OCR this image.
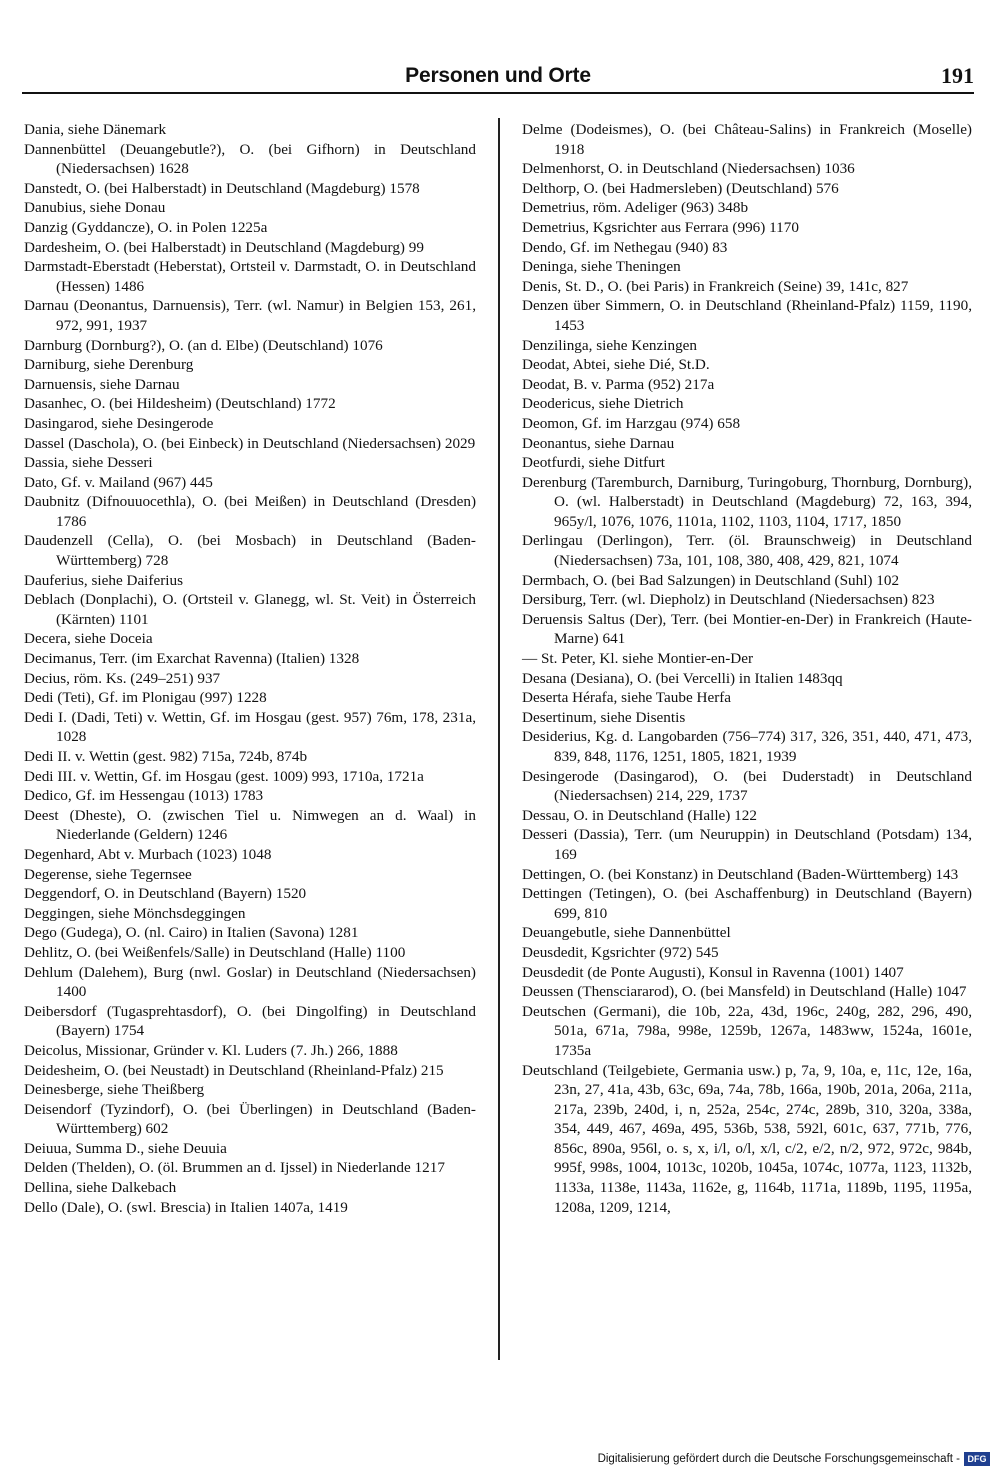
Personen und Orte	191

Dania, siehe Dänemark

Dannenbüttel (Deuangebutle?), O. (bei Gifhorn) in Deutschland (Niedersachsen) 1628

Danstedt, O. (bei Halberstadt) in Deutschland (Magdeburg) 1578

Danubius, siehe Donau

Danzig (Gyddancze), O. in Polen 1225a

Dardesheim, O. (bei Halberstadt) in Deutschland (Magdeburg) 99

Darmstadt-Eberstadt (Heberstat), Ortsteil v. Darmstadt, O. in Deutschland (Hessen) 1486

Darnau (Deonantus, Darnuensis), Terr. (wl. Namur) in Belgien 153, 261, 972, 991, 1937

Darnburg (Dornburg?), O. (an d. Elbe) (Deutschland) 1076

Darniburg, siehe Derenburg

Darnuensis, siehe Darnau

Dasanhec, O. (bei Hildesheim) (Deutschland) 1772

Dasingarod, siehe Desingerode

Dassel (Daschola), O. (bei Einbeck) in Deutschland (Niedersachsen) 2029

Dassia, siehe Desseri

Dato, Gf. v. Mailand (967) 445

Daubnitz (Difnouuocethla), O. (bei Meißen) in Deutschland (Dresden) 1786

Daudenzell (Cella), O. (bei Mosbach) in Deutschland (Baden-Württemberg) 728

Dauferius, siehe Daiferius

Deblach (Donplachi), O. (Ortsteil v. Glanegg, wl. St. Veit) in Österreich (Kärnten) 1101

Decera, siehe Doceia

Decimanus, Terr. (im Exarchat Ravenna) (Italien) 1328

Decius, röm. Ks. (249–251) 937

Dedi (Teti), Gf. im Plonigau (997) 1228

Dedi I. (Dadi, Teti) v. Wettin, Gf. im Hosgau (gest. 957) 76m, 178, 231a, 1028

Dedi II. v. Wettin (gest. 982) 715a, 724b, 874b

Dedi III. v. Wettin, Gf. im Hosgau (gest. 1009) 993, 1710a, 1721a

Dedico, Gf. im Hessengau (1013) 1783

Deest (Dheste), O. (zwischen Tiel u. Nimwegen an d. Waal) in Niederlande (Geldern) 1246

Degenhard, Abt v. Murbach (1023) 1048

Degerense, siehe Tegernsee

Deggendorf, O. in Deutschland (Bayern) 1520

Deggingen, siehe Mönchsdeggingen

Dego (Gudega), O. (nl. Cairo) in Italien (Savona) 1281

Dehlitz, O. (bei Weißenfels/Salle) in Deutschland (Halle) 1100

Dehlum (Dalehem), Burg (nwl. Goslar) in Deutschland (Niedersachsen) 1400

Deibersdorf (Tugasprehtasdorf), O. (bei Dingolfing) in Deutschland (Bayern) 1754

Deicolus, Missionar, Gründer v. Kl. Luders (7. Jh.) 266, 1888

Deidesheim, O. (bei Neustadt) in Deutschland (Rheinland-Pfalz) 215

Deinesberge, siehe Theißberg

Deisendorf (Tyzindorf), O. (bei Überlingen) in Deutschland (Baden-Württemberg) 602

Deiuua, Summa D., siehe Deuuia

Delden (Thelden), O. (öl. Brummen an d. Ijssel) in Niederlande 1217

Dellina, siehe Dalkebach

Dello (Dale), O. (swl. Brescia) in Italien 1407a, 1419

Delme (Dodeismes), O. (bei Château-Salins) in Frankreich (Moselle) 1918

Delmenhorst, O. in Deutschland (Niedersachsen) 1036

Delthorp, O. (bei Hadmersleben) (Deutschland) 576

Demetrius, röm. Adeliger (963) 348b

Demetrius, Kgsrichter aus Ferrara (996) 1170

Dendo, Gf. im Nethegau (940) 83

Deninga, siehe Theningen

Denis, St. D., O. (bei Paris) in Frankreich (Seine) 39, 141c, 827

Denzen über Simmern, O. in Deutschland (Rheinland-Pfalz) 1159, 1190, 1453

Denzilinga, siehe Kenzingen

Deodat, Abtei, siehe Dié, St.D.

Deodat, B. v. Parma (952) 217a

Deodericus, siehe Dietrich

Deomon, Gf. im Harzgau (974) 658

Deonantus, siehe Darnau

Deotfurdi, siehe Ditfurt

Derenburg (Taremburch, Darniburg, Turingoburg, Thornburg, Dornburg), O. (wl. Halberstadt) in Deutschland (Magdeburg) 72, 163, 394, 965y/l, 1076, 1076, 1101a, 1102, 1103, 1104, 1717, 1850

Derlingau (Derlingon), Terr. (öl. Braunschweig) in Deutschland (Niedersachsen) 73a, 101, 108, 380, 408, 429, 821, 1074

Dermbach, O. (bei Bad Salzungen) in Deutschland (Suhl) 102

Dersiburg, Terr. (wl. Diepholz) in Deutschland (Niedersachsen) 823

Deruensis Saltus (Der), Terr. (bei Montier-en-Der) in Frankreich (Haute-Marne) 641

— St. Peter, Kl. siehe Montier-en-Der

Desana (Desiana), O. (bei Vercelli) in Italien 1483qq

Deserta Hérafa, siehe Taube Herfa

Desertinum, siehe Disentis

Desiderius, Kg. d. Langobarden (756–774) 317, 326, 351, 440, 471, 473, 839, 848, 1176, 1251, 1805, 1821, 1939

Desingerode (Dasingarod), O. (bei Duderstadt) in Deutschland (Niedersachsen) 214, 229, 1737

Dessau, O. in Deutschland (Halle) 122

Desseri (Dassia), Terr. (um Neuruppin) in Deutschland (Potsdam) 134, 169

Dettingen, O. (bei Konstanz) in Deutschland (Baden-Württemberg) 143

Dettingen (Tetingen), O. (bei Aschaffenburg) in Deutschland (Bayern) 699, 810

Deuangebutle, siehe Dannenbüttel

Deusdedit, Kgsrichter (972) 545

Deusdedit (de Ponte Augusti), Konsul in Ravenna (1001) 1407

Deussen (Thensciararod), O. (bei Mansfeld) in Deutschland (Halle) 1047

Deutschen (Germani), die 10b, 22a, 43d, 196c, 240g, 282, 296, 490, 501a, 671a, 798a, 998e, 1259b, 1267a, 1483ww, 1524a, 1601e, 1735a

Deutschland (Teilgebiete, Germania usw.) p, 7a, 9, 10a, e, 11c, 12e, 16a, 23n, 27, 41a, 43b, 63c, 69a, 74a, 78b, 166a, 190b, 201a, 206a, 211a, 217a, 239b, 240d, i, n, 252a, 254c, 274c, 289b, 310, 320a, 338a, 354, 449, 467, 469a, 495, 536b, 538, 592l, 601c, 637, 771b, 776, 856c, 890a, 956l, o. s, x, i/l, o/l, x/l, c/2, e/2, n/2, 972, 972c, 984b, 995f, 998s, 1004, 1013c, 1020b, 1045a, 1074c, 1077a, 1123, 1132b, 1133a, 1138e, 1143a, 1162e, g, 1164b, 1171a, 1189b, 1195, 1195a, 1208a, 1209, 1214,

Digitalisierung gefördert durch die Deutsche Forschungsgemeinschaft - DFG
